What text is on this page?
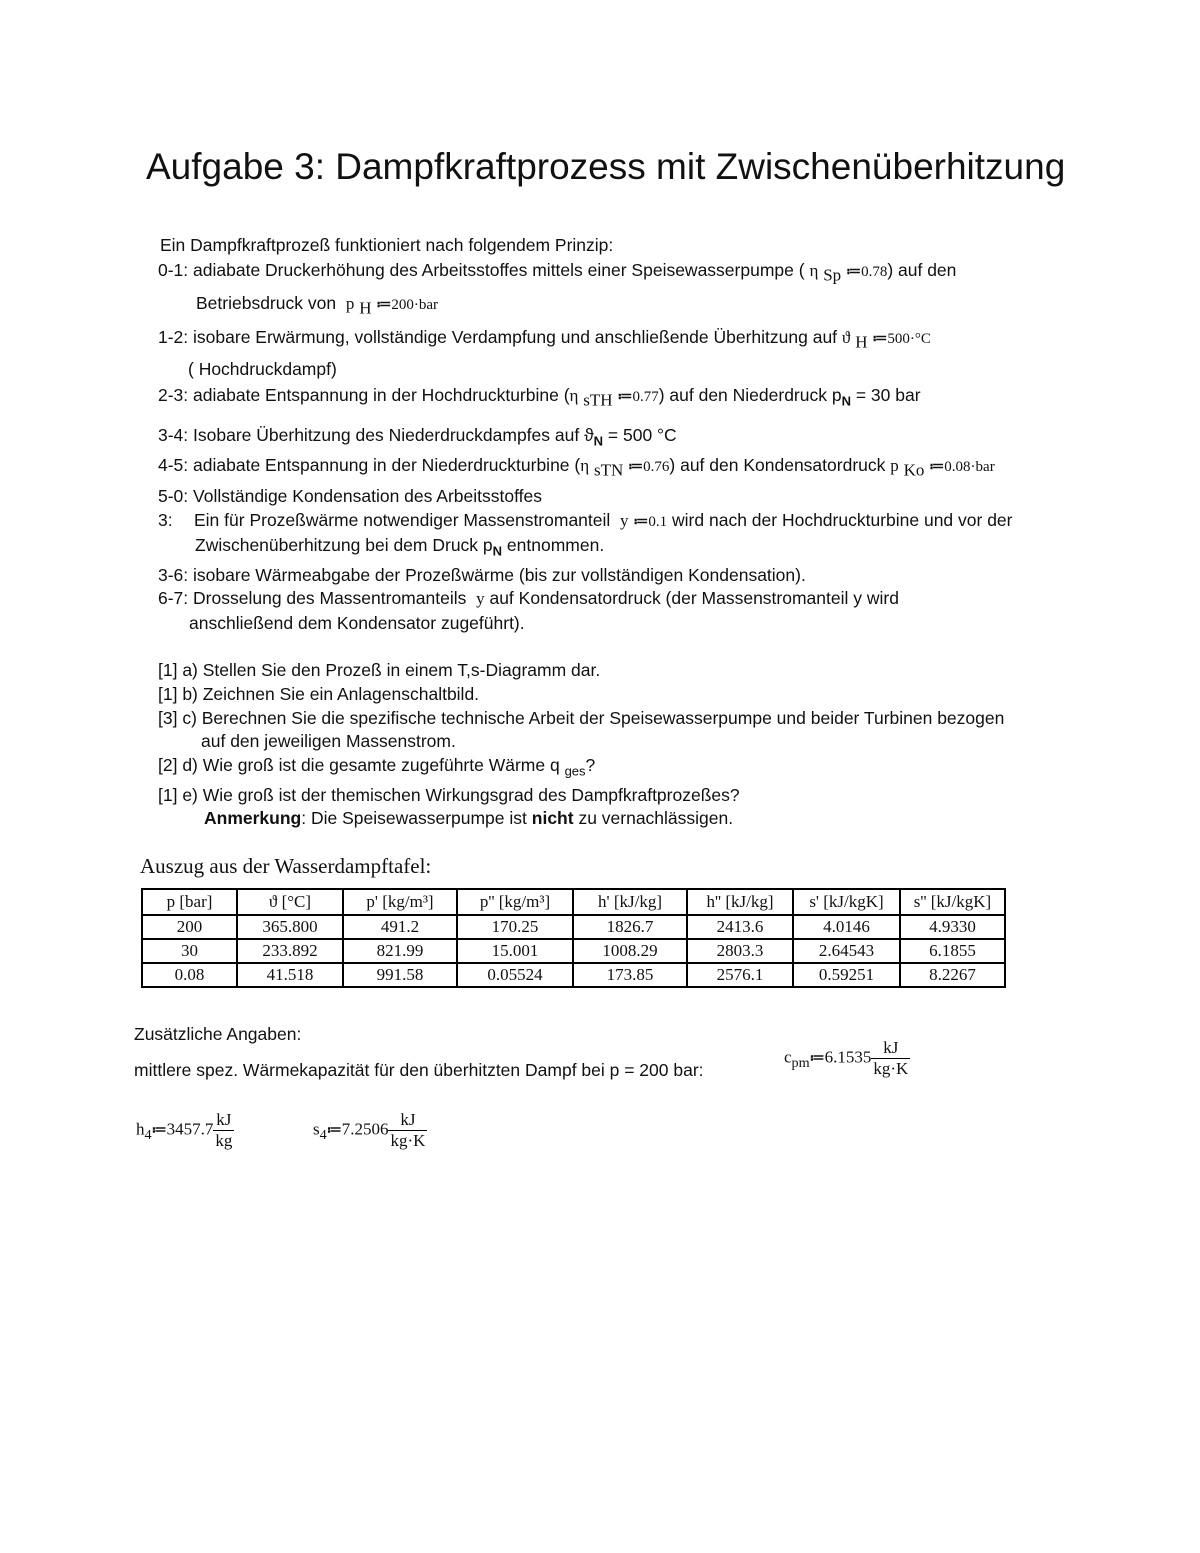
Aufgabe 3: Dampfkraftprozess mit Zwischenüberhitzung
Ein Dampfkraftprozeß funktioniert nach folgendem Prinzip:
0-1: adiabate Druckerhöhung des Arbeitsstoffes mittels einer Speisewasserpumpe ( η $_{Sp}$ ≔0.78) auf den
Betriebsdruck von p $_H$ ≔200·bar
1-2: isobare Erwärmung, vollständige Verdampfung und anschließende Überhitzung auf ϑ $_H$ ≔500·°C
( Hochdruckdampf)
2-3: adiabate Entspannung in der Hochdruckturbine (η $_{sTH}$ ≔0.77) auf den Niederdruck $p_N = 30$ bar
3-4: Isobare Überhitzung des Niederdruckdampfes auf $ϑ_N = 500$ °C
4-5: adiabate Entspannung in der Niederdruckturbine (η $_{sTN}$ ≔0.76) auf den Kondensatordruck p $_{Ko}$ ≔0.08·bar
5-0: Vollständige Kondensation des Arbeitsstoffes
3: Ein für Prozeßwärme notwendiger Massenstromanteil y ≔0.1 wird nach der Hochdruckturbine und vor der
Zwischenüberhitzung bei dem Druck $p_N$ entnommen.
3-6: isobare Wärmeabgabe der Prozeßwärme (bis zur vollständigen Kondensation).
6-7: Drosselung des Massentromanteils y auf Kondensatordruck (der Massenstromanteil y wird
anschließend dem Kondensator zugeführt).
[1] a) Stellen Sie den Prozeß in einem T,s-Diagramm dar.
[1] b) Zeichnen Sie ein Anlagenschaltbild.
[3] c) Berechnen Sie die spezifische technische Arbeit der Speisewasserpumpe und beider Turbinen bezogen
auf den jeweiligen Massenstrom.
[2] d) Wie groß ist die gesamte zugeführte Wärme q $_{ges}$?
[1] e) Wie groß ist der themischen Wirkungsgrad des Dampfkraftprozeßes?
Anmerkung: Die Speisewasserpumpe ist nicht zu vernachlässigen.
Auszug aus der Wasserdampftafel:
p [bar]	ϑ [°C]	p' [kg/m³]	p'' [kg/m³]	h' [kJ/kg]	h'' [kJ/kg]	s' [kJ/kgK]	s'' [kJ/kgK]
200	365.800	491.2	170.25	1826.7	2413.6	4.0146	4.9330
30	233.892	821.99	15.001	1008.29	2803.3	2.64543	6.1855
0.08	41.518	991.58	0.05524	173.85	2576.1	0.59251	8.2267
Zusätzliche Angaben:
mittlere spez. Wärmekapazität für den überhitzten Dampf bei p = 200 bar:
$c_{pm}≔6.1535 \frac{kJ}{kg\cdot K}$
$h_4≔3457.7 \frac{kJ}{kg}$	$s_4≔7.2506 \frac{kJ}{kg\cdot K}$
